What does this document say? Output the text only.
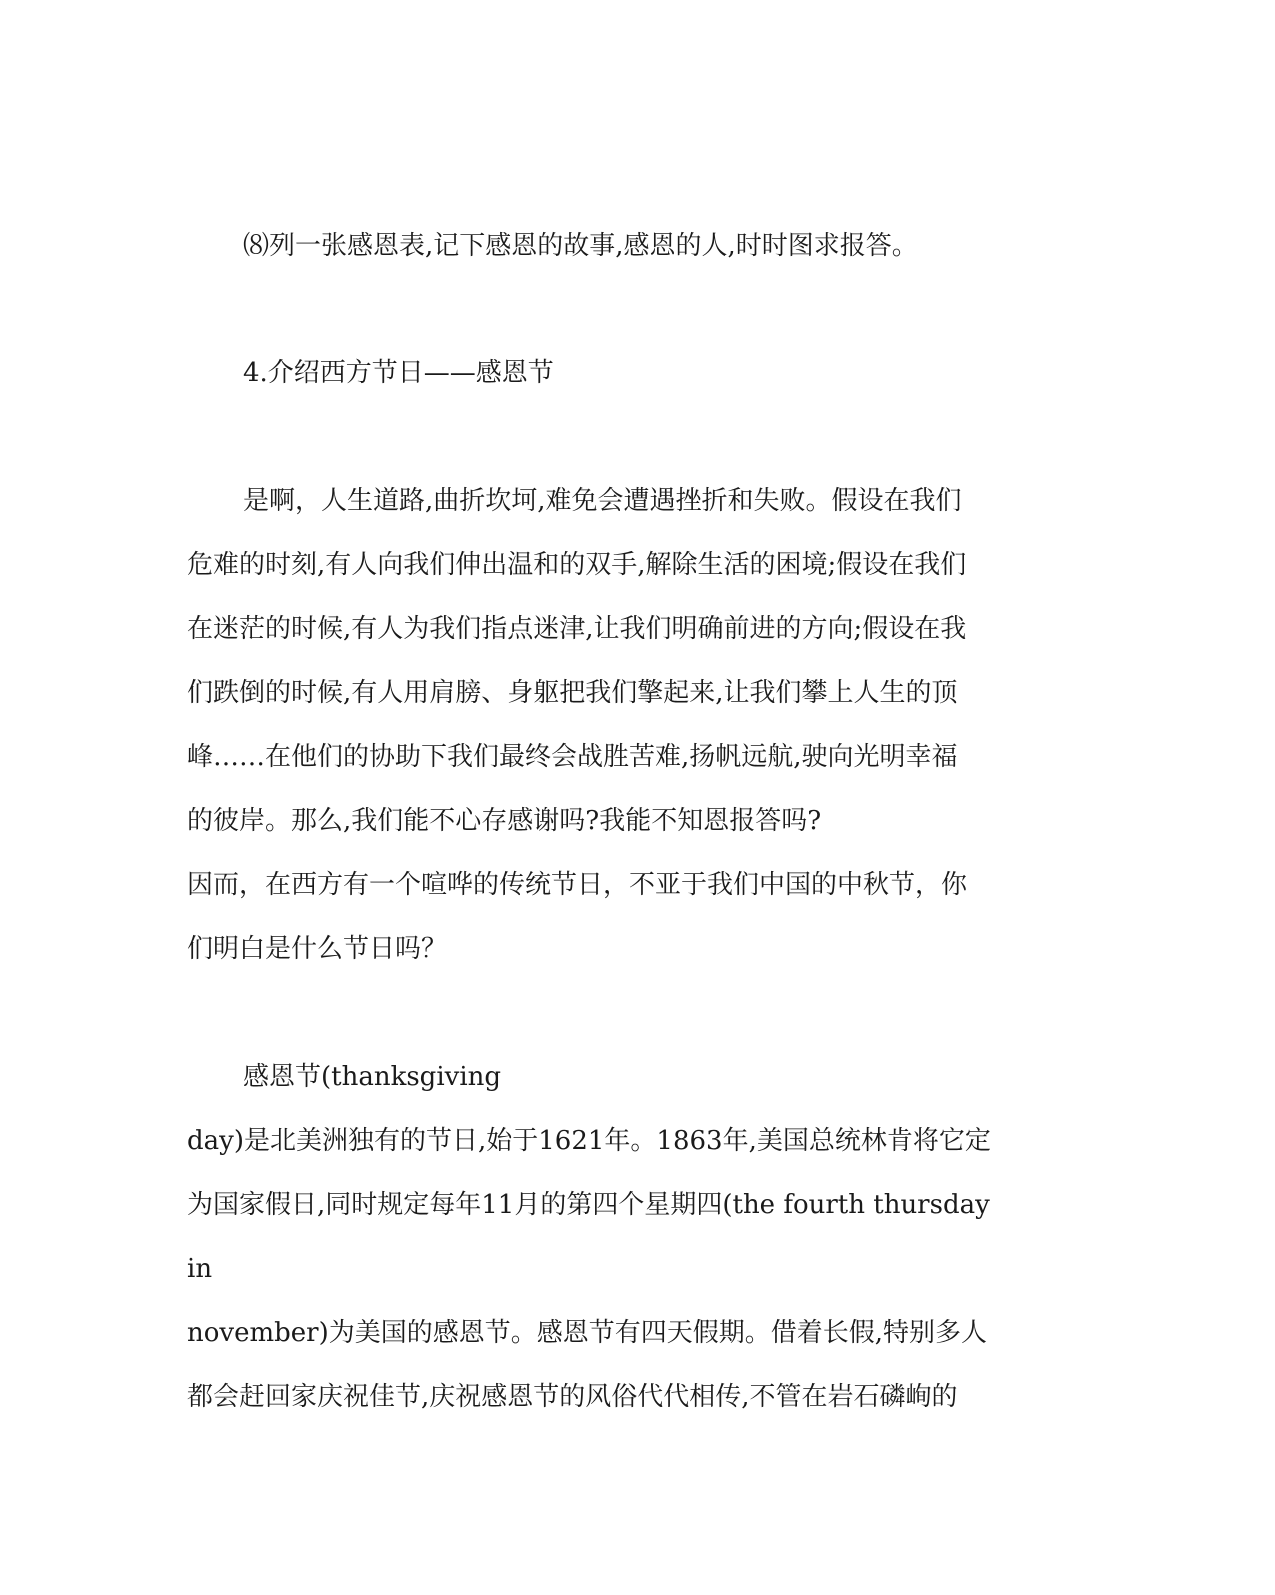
⑻列一张感恩表,记下感恩的故事,感恩的人,时时图求报答。
4.介绍西方节日——感恩节
是啊，人生道路,曲折坎坷,难免会遭遇挫折和失败。假设在我们
危难的时刻,有人向我们伸出温和的双手,解除生活的困境;假设在我们
在迷茫的时候,有人为我们指点迷津,让我们明确前进的方向;假设在我
们跌倒的时候,有人用肩膀、身躯把我们擎起来,让我们攀上人生的顶
峰……在他们的协助下我们最终会战胜苦难,扬帆远航,驶向光明幸福
的彼岸。那么,我们能不心存感谢吗?我能不知恩报答吗?
因而，在西方有一个喧哗的传统节日，不亚于我们中国的中秋节，你
们明白是什么节日吗？
感恩节(thanksgiving
day)是北美洲独有的节日,始于1621年。1863年,美国总统林肯将它定
为国家假日,同时规定每年11月的第四个星期四(the fourth thursday
in
november)为美国的感恩节。感恩节有四天假期。借着长假,特别多人
都会赶回家庆祝佳节,庆祝感恩节的风俗代代相传,不管在岩石磷峋的
